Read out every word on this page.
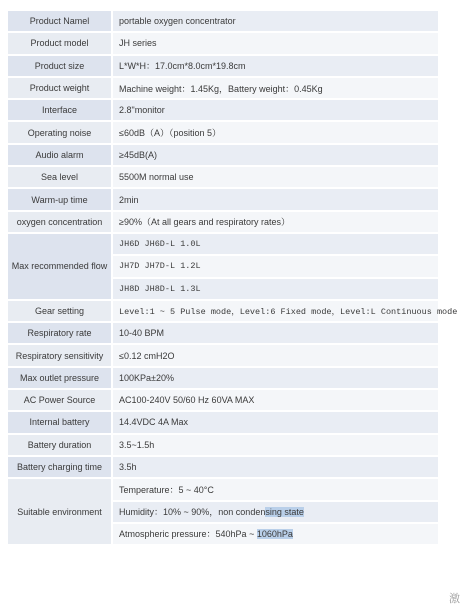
Product Namel	portable oxygen concentrator
Product model	JH series
Product size	L*W*H：17.0cm*8.0cm*19.8cm
Product weight	Machine weight：1.45Kg，Battery weight：0.45Kg
Interface	2.8"monitor
Operating noise	≤60dB（A）（position 5）
Audio alarm	≥45dB(A)
Sea level	5500M normal use
Warm-up time	2min
oxygen concentration	≥90%（At all gears and respiratory rates）
Max recommended flow	JH6D JH6D-L 1.0L
	JH7D JH7D-L 1.2L
	JH8D JH8D-L 1.3L
Gear setting	Level:1 ~ 5 Pulse mode，Level:6 Fixed mode，Level:L Continuous mode
Respiratory rate	10-40 BPM
Respiratory sensitivity	≤0.12 cmH2O
Max outlet pressure	100KPa±20%
AC Power Source	AC100-240V 50/60 Hz 60VA MAX
Internal battery	14.4VDC 4A Max
Battery duration	3.5~1.5h
Battery charging time	3.5h
Suitable environment	Temperature：5 ~ 40°C
	Humidity：10% ~ 90%，non condensing state
	Atmospheric pressure：540hPa ~ 1060hPa
激
